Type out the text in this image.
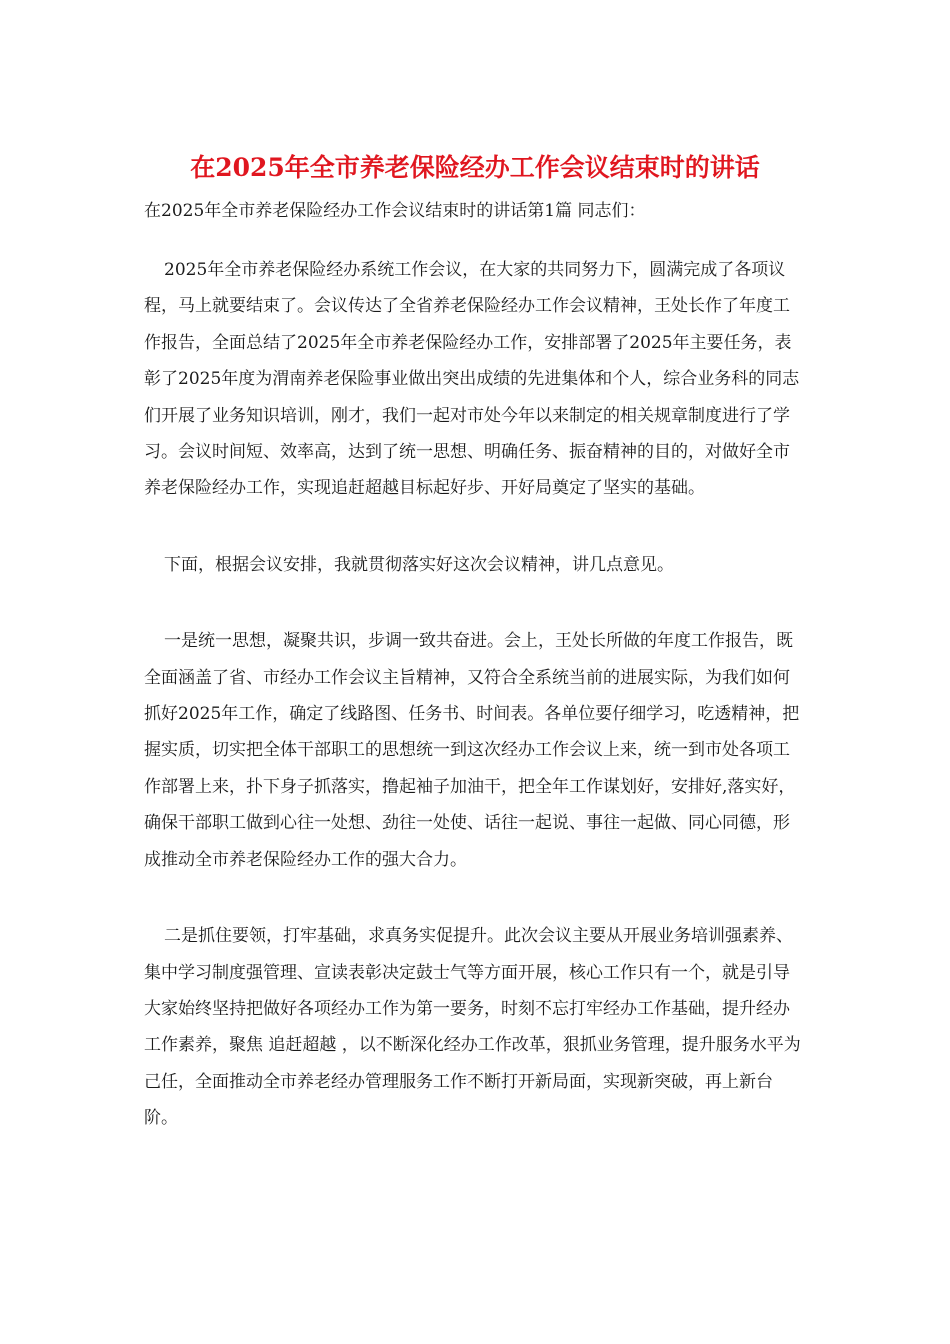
在2025年全市养老保险经办工作会议结束时的讲话

在2025年全市养老保险经办工作会议结束时的讲话第1篇 同志们：

2025年全市养老保险经办系统工作会议，在大家的共同努力下，圆满完成了各项议程，马上就要结束了。会议传达了全省养老保险经办工作会议精神，王处长作了年度工作报告，全面总结了2025年全市养老保险经办工作，安排部署了2025年主要任务，表彰了2025年度为渭南养老保险事业做出突出成绩的先进集体和个人，综合业务科的同志们开展了业务知识培训，刚才，我们一起对市处今年以来制定的相关规章制度进行了学习。会议时间短、效率高，达到了统一思想、明确任务、振奋精神的目的，对做好全市养老保险经办工作，实现追赶超越目标起好步、开好局奠定了坚实的基础。

下面，根据会议安排，我就贯彻落实好这次会议精神，讲几点意见。

一是统一思想，凝聚共识，步调一致共奋进。会上，王处长所做的年度工作报告，既全面涵盖了省、市经办工作会议主旨精神，又符合全系统当前的进展实际，为我们如何抓好2025年工作，确定了线路图、任务书、时间表。各单位要仔细学习，吃透精神，把握实质，切实把全体干部职工的思想统一到这次经办工作会议上来，统一到市处各项工作部署上来，扑下身子抓落实，撸起袖子加油干，把全年工作谋划好，安排好,落实好，确保干部职工做到心往一处想、劲往一处使、话往一起说、事往一起做、同心同德，形成推动全市养老保险经办工作的强大合力。

二是抓住要领，打牢基础，求真务实促提升。此次会议主要从开展业务培训强素养、集中学习制度强管理、宣读表彰决定鼓士气等方面开展，核心工作只有一个，就是引导大家始终坚持把做好各项经办工作为第一要务，时刻不忘打牢经办工作基础，提升经办工作素养，聚焦 追赶超越 ，以不断深化经办工作改革，狠抓业务管理，提升服务水平为己任，全面推动全市养老经办管理服务工作不断打开新局面，实现新突破，再上新台阶。
